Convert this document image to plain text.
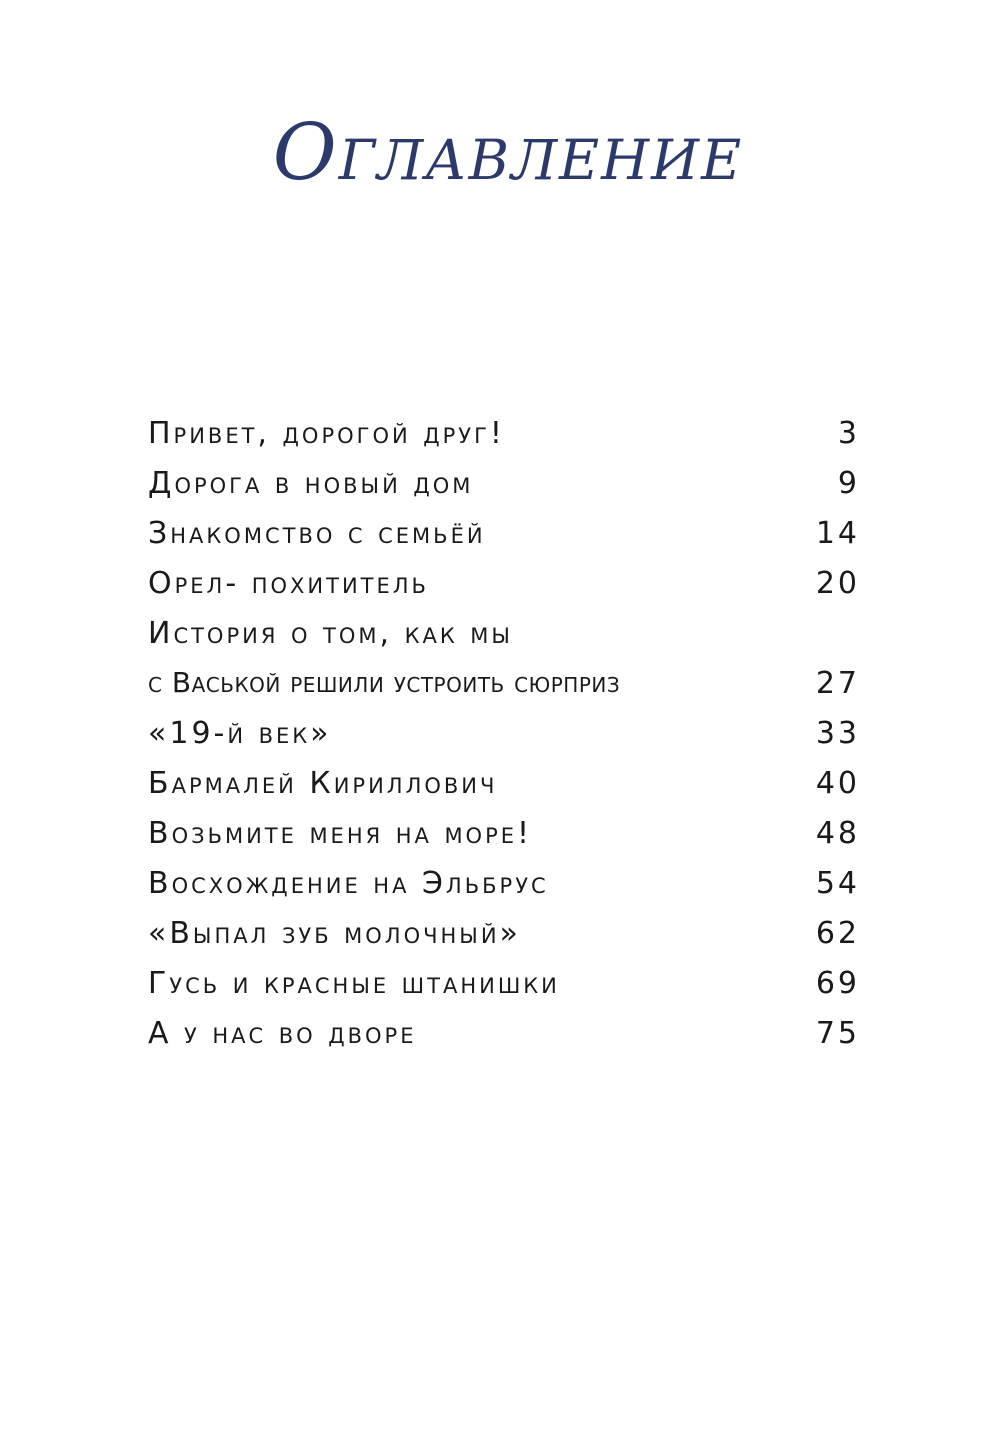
Оглавление
Привет, дорогой друг!	3
Дорога в новый дом	9
Знакомство с семьёй	14
Орел- похититель	20
История о том, как мы
с Васькой решили устроить сюрприз	27
«19-й век»	33
Бармалей Кириллович	40
Возьмите меня на море!	48
Восхождение на Эльбрус	54
«Выпал зуб молочный»	62
Гусь и красные штанишки	69
А у нас во дворе	75
